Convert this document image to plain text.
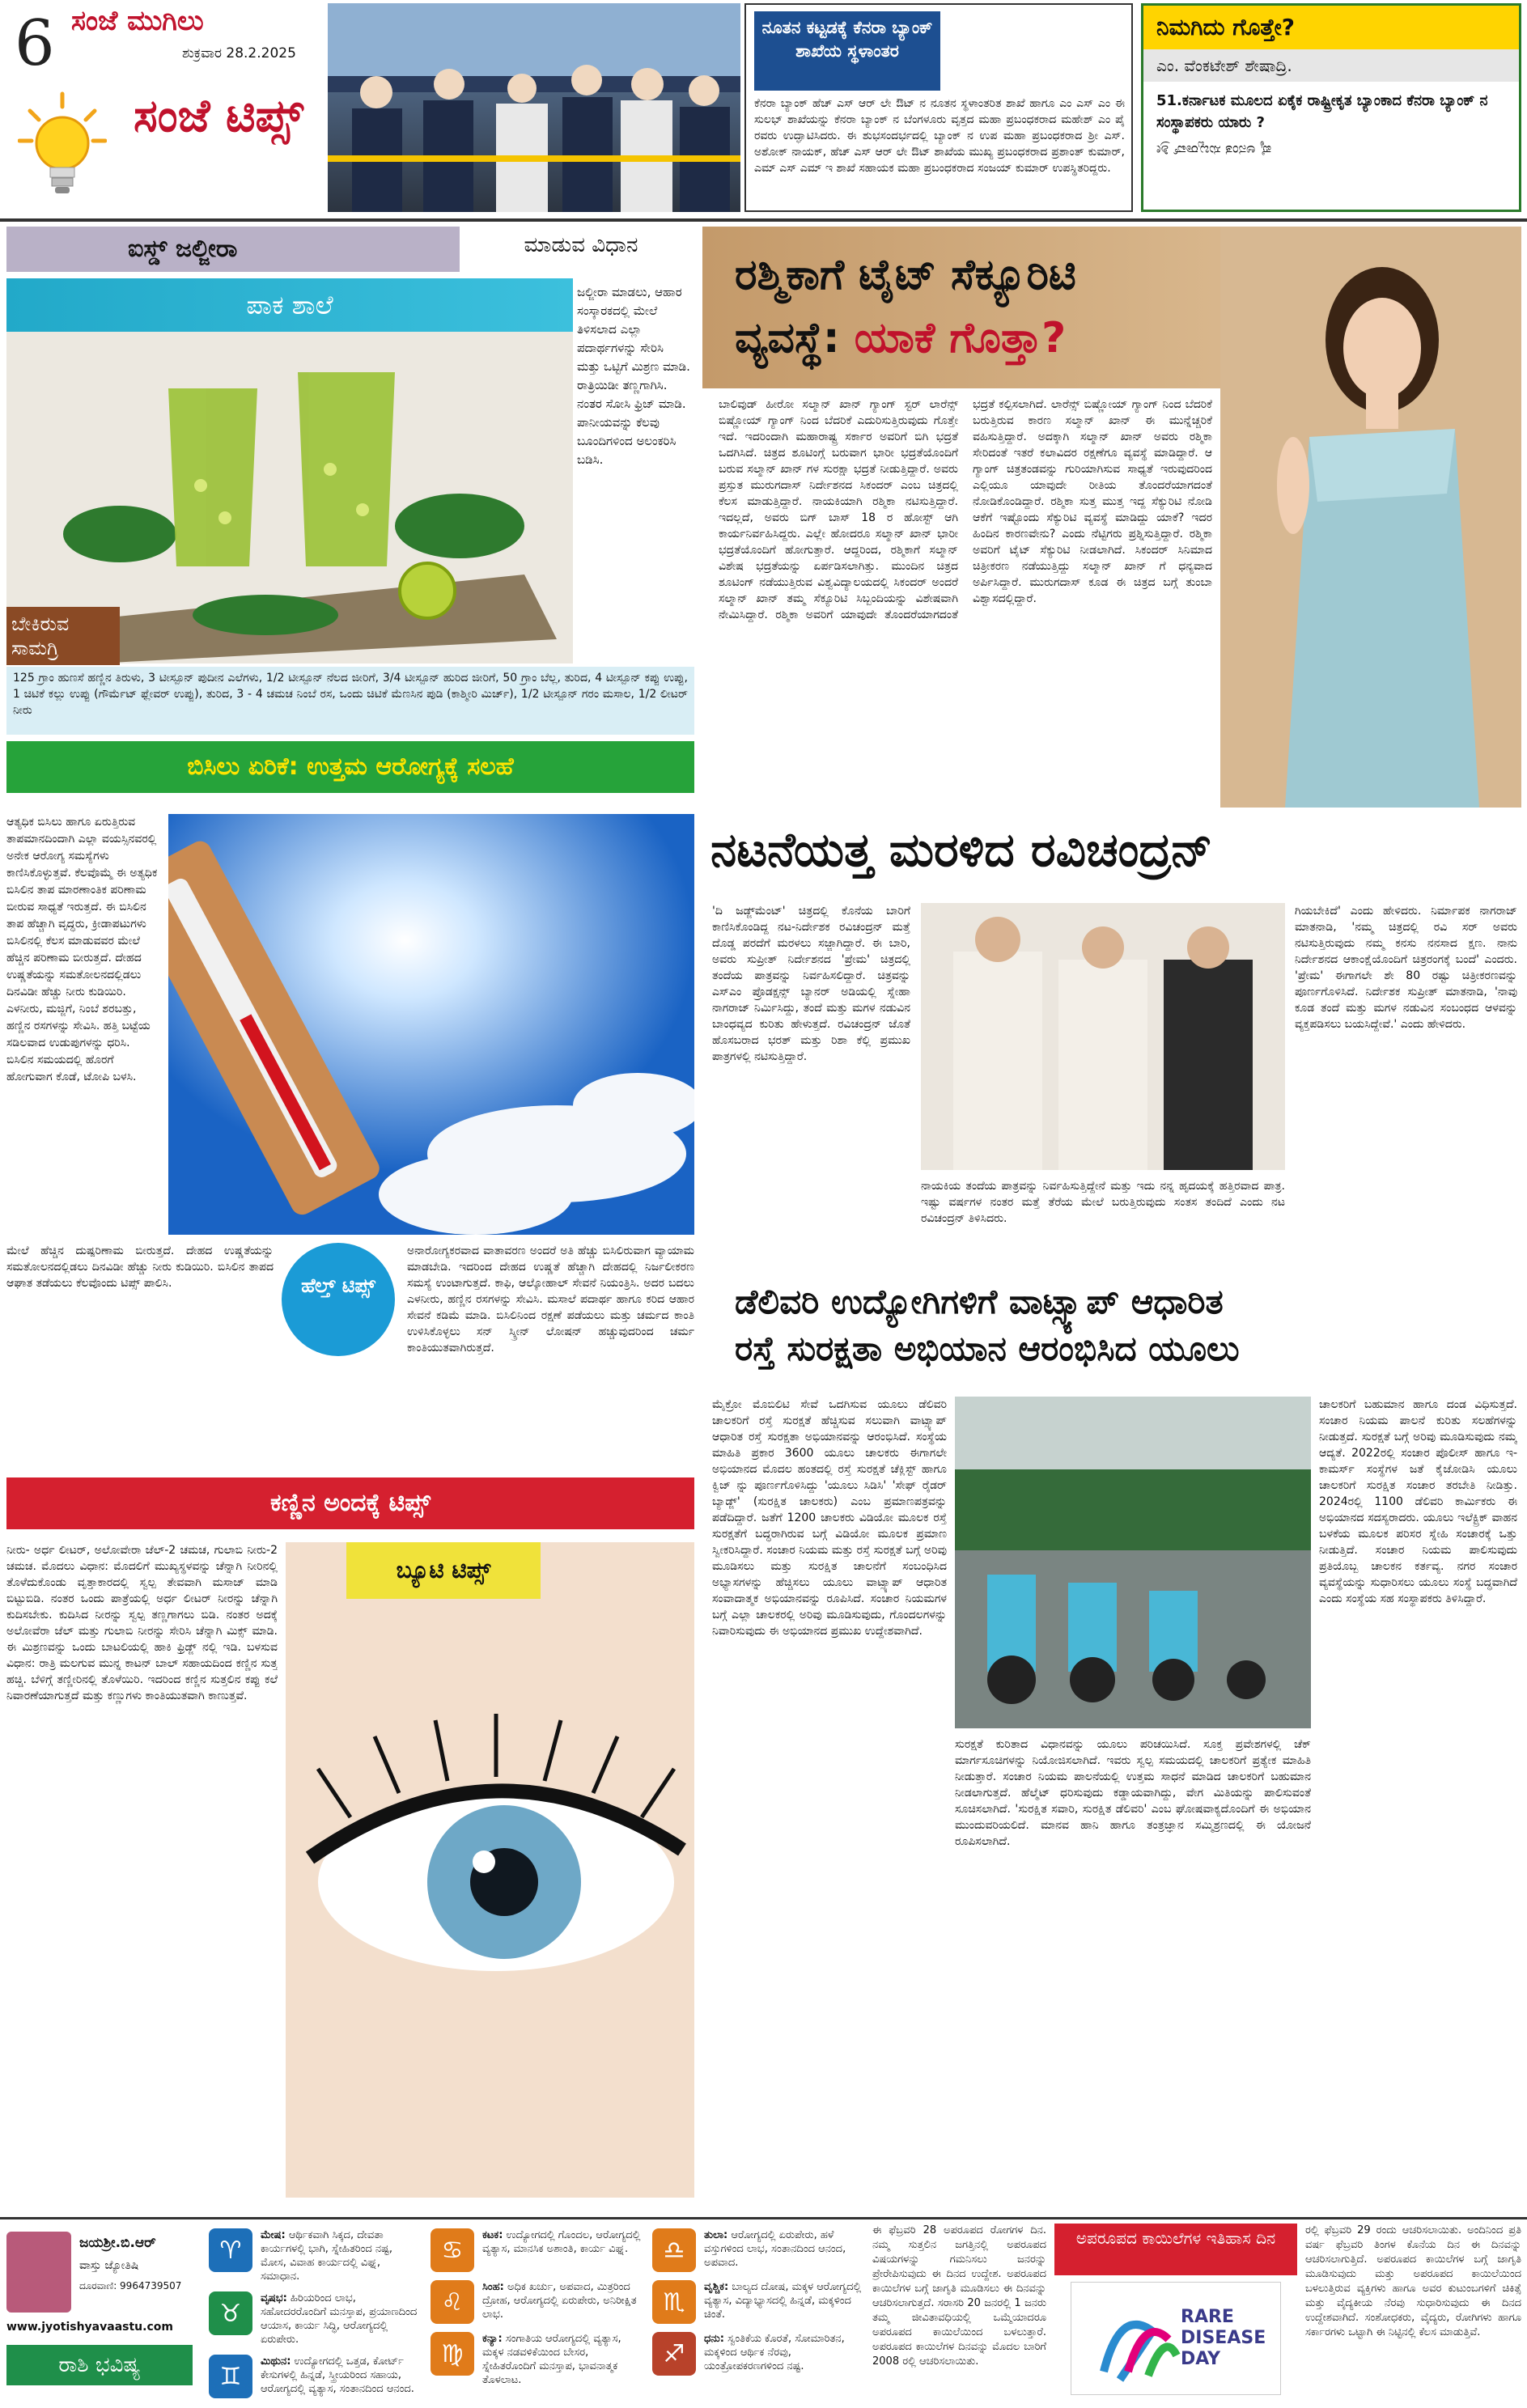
6 ಸಂಜೆ ಮುಗಿಲು
ಶುಕ್ರವಾರ 28.2.2025
ಸಂಜೆ ಟಿಪ್ಸ್
ನೂತನ ಕಟ್ಟಡಕ್ಕೆ ಕೆನರಾ ಬ್ಯಾಂಕ್ ಶಾಖೆಯ ಸ್ಥಳಾಂತರ
ಕೆನರಾ ಬ್ಯಾಂಕ್ ಹೆಚ್ ಎಸ್ ಆರ್ ಲೇ ಔಟ್ ನ ನೂತನ ಸ್ಥಳಾಂತರಿತ ಶಾಖೆ ಹಾಗೂ ಎಂ ಎಸ್ ಎಂ ಈ ಸುಲಭ್ ಶಾಖೆಯನ್ನು ಕೆನರಾ ಬ್ಯಾಂಕ್ ನ ಬೆಂಗಳೂರು ವೃತ್ತದ ಮಹಾ ಪ್ರಬಂಧಕರಾದ ಮಹೇಶ್ ಎಂ ಪೈ ರವರು ಉದ್ಘಾಟಿಸಿದರು. ಈ ಶುಭಸಂದರ್ಭದಲ್ಲಿ ಬ್ಯಾಂಕ್ ನ ಉಪ ಮಹಾ ಪ್ರಬಂಧಕರಾದ ಶ್ರೀ ಎಸ್. ಅಶೋಕ್ ನಾಯಕ್, ಹೆಚ್ ಎಸ್ ಆರ್ ಲೇ ಔಟ್ ಶಾಖೆಯ ಮುಖ್ಯ ಪ್ರಬಂಧಕರಾದ ಪ್ರಶಾಂತ್ ಕುಮಾರ್, ಎಮ್ ಎಸ್ ಎಮ್ ಇ ಶಾಖೆ ಸಹಾಯಕ ಮಹಾ ಪ್ರಬಂಧಕರಾದ ಸಂಜಯ್ ಕುಮಾರ್ ಉಪಸ್ಥಿತರಿದ್ದರು.
ನಿಮಗಿದು ಗೊತ್ತೇ?
ಎಂ. ವೆಂಕಟೇಶ್ ಶೇಷಾದ್ರಿ.
51.ಕರ್ನಾಟಕ ಮೂಲದ ಏಕೈಕ ರಾಷ್ಟ್ರೀಕೃತ ಬ್ಯಾಂಕಾದ ಕೆನರಾ ಬ್ಯಾಂಕ್ ನ ಸಂಸ್ಥಾಪಕರು ಯಾರು ?
ಪೈ ಅನಂತ ಸುಬ್ಬರಾವ್ ಶ್ರೀ
ಐಸ್ಡ್ ಜಲ್ಜೀರಾ	ಮಾಡುವ ವಿಧಾನ
ಪಾಕ ಶಾಲೆ
ಬೇಕಿರುವ ಸಾಮಗ್ರಿ
ಜಲ್ಜೀರಾ ಮಾಡಲು, ಆಹಾರ ಸಂಸ್ಕಾರಕದಲ್ಲಿ ಮೇಲೆ ತಿಳಿಸಲಾದ ಎಲ್ಲಾ ಪದಾರ್ಥಗಳನ್ನು ಸೇರಿಸಿ ಮತ್ತು ಒಟ್ಟಿಗೆ ಮಿಶ್ರಣ ಮಾಡಿ. ರಾತ್ರಿಯಿಡೀ ತಣ್ಣಗಾಗಿಸಿ. ನಂತರ ಸೋಸಿ ಫ್ರಿಜ್ ಮಾಡಿ. ಪಾನೀಯವನ್ನು ಕೆಲವು ಬೂಂದಿಗಳಿಂದ ಅಲಂಕರಿಸಿ ಬಡಿಸಿ.
125 ಗ್ರಾಂ ಹುಣಸೆ ಹಣ್ಣಿನ ತಿರುಳು, 3 ಟೀಸ್ಪೂನ್ ಪುದೀನ ಎಲೆಗಳು, 1/2 ಟೀಸ್ಪೂನ್ ನೆಲದ ಜೀರಿಗೆ, 3/4 ಟೀಸ್ಪೂನ್ ಹುರಿದ ಜೀರಿಗೆ, 50 ಗ್ರಾಂ ಬೆಲ್ಲ, ತುರಿದ, 4 ಟೀಸ್ಪೂನ್ ಕಪ್ಪು ಉಪ್ಪು, 1 ಚಿಟಿಕೆ ಕಲ್ಲು ಉಪ್ಪು (ಗೌರ್ಮೆಟ್ ಫ್ಲೇವರ್ ಉಪ್ಪು), ತುರಿದ, 3 - 4 ಚಮಚ ನಿಂಬೆ ರಸ, ಒಂದು ಚಿಟಿಕೆ ಮೆಣಸಿನ ಪುಡಿ (ಕಾಶ್ಮೀರಿ ಮಿರ್ಚ್), 1/2 ಟೀಸ್ಪೂನ್ ಗರಂ ಮಸಾಲ, 1/2 ಲೀಟರ್ ನೀರು
ರಶ್ಮಿಕಾಗೆ ಟೈಟ್ ಸೆಕ್ಯೂರಿಟಿ
ವ್ಯವಸ್ಥೆ: ಯಾಕೆ ಗೊತ್ತಾ?
ಬಾಲಿವುಡ್ ಹೀರೋ ಸಲ್ಮಾನ್ ಖಾನ್ ಗ್ಯಾಂಗ್ ಸ್ಟರ್ ಲಾರೆನ್ಸ್ ಬಿಷ್ಣೋಯ್ ಗ್ಯಾಂಗ್ ನಿಂದ ಬೆದರಿಕೆ ಎದುರಿಸುತ್ತಿರುವುದು ಗೊತ್ತೇ ಇದೆ. ಇದರಿಂದಾಗಿ ಮಹಾರಾಷ್ಟ್ರ ಸರ್ಕಾರ ಅವರಿಗೆ ಬಿಗಿ ಭದ್ರತೆ ಒದಗಿಸಿದೆ. ಚಿತ್ರದ ಶೂಟಿಂಗ್ಗೆ ಬರುವಾಗ ಭಾರೀ ಭದ್ರತೆಯೊಂದಿಗೆ ಬರುವ ಸಲ್ಮಾನ್ ಖಾನ್ ಗಳ ಸುರಕ್ಷಾ ಭದ್ರತೆ ನೀಡುತ್ತಿದ್ದಾರೆ. ಅವರು ಪ್ರಸ್ತುತ ಮುರುಗದಾಸ್ ನಿರ್ದೇಶನದ ಸಿಕಂದರ್ ಎಂಬ ಚಿತ್ರದಲ್ಲಿ ಕೆಲಸ ಮಾಡುತ್ತಿದ್ದಾರೆ. ನಾಯಕಿಯಾಗಿ ರಶ್ಮಿಕಾ ನಟಿಸುತ್ತಿದ್ದಾರೆ. ಇದಲ್ಲದೆ, ಅವರು ಬಿಗ್ ಬಾಸ್ 18 ರ ಹೋಸ್ಟ್ ಆಗಿ ಕಾರ್ಯನಿರ್ವಹಿಸಿದ್ದರು. ಎಲ್ಲೇ ಹೋದರೂ ಸಲ್ಮಾನ್ ಖಾನ್ ಭಾರೀ ಭದ್ರತೆಯೊಂದಿಗೆ ಹೋಗುತ್ತಾರೆ. ಆದ್ದರಿಂದ, ರಶ್ಮಿಕಾಗೆ ಸಲ್ಮಾನ್ ವಿಶೇಷ ಭದ್ರತೆಯನ್ನು ಏರ್ಪಡಿಸಲಾಗಿತ್ತು. ಮುಂದಿನ ಚಿತ್ರದ ಶೂಟಿಂಗ್ ನಡೆಯುತ್ತಿರುವ ವಿಶ್ವವಿದ್ಯಾಲಯದಲ್ಲಿ ಸಿಕಂದರ್ ಅಂದರೆ ಸಲ್ಮಾನ್ ಖಾನ್ ತಮ್ಮ ಸೆಕ್ಯೂರಿಟಿ ಸಿಬ್ಬಂದಿಯನ್ನು ವಿಶೇಷವಾಗಿ ನೇಮಿಸಿದ್ದಾರೆ. ರಶ್ಮಿಕಾ ಅವರಿಗೆ ಯಾವುದೇ ತೊಂದರೆಯಾಗದಂತೆ ಭದ್ರತೆ ಕಲ್ಪಿಸಲಾಗಿದೆ. ಲಾರೆನ್ಸ್ ಬಿಷ್ಣೋಯ್ ಗ್ಯಾಂಗ್ ನಿಂದ ಬೆದರಿಕೆ ಬರುತ್ತಿರುವ ಕಾರಣ ಸಲ್ಮಾನ್ ಖಾನ್ ಈ ಮುನ್ನೆಚ್ಚರಿಕೆ ವಹಿಸುತ್ತಿದ್ದಾರೆ. ಅದಕ್ಕಾಗಿ ಸಲ್ಮಾನ್ ಖಾನ್ ಅವರು ರಶ್ಮಿಕಾ ಸೇರಿದಂತೆ ಇತರೆ ಕಲಾವಿದರ ರಕ್ಷಣೆಗೂ ವ್ಯವಸ್ಥೆ ಮಾಡಿದ್ದಾರೆ. ಆ ಗ್ಯಾಂಗ್ ಚಿತ್ರತಂಡವನ್ನು ಗುರಿಯಾಗಿಸುವ ಸಾಧ್ಯತೆ ಇರುವುದರಿಂದ ಎಲ್ಲಿಯೂ ಯಾವುದೇ ರೀತಿಯ ತೊಂದರೆಯಾಗದಂತೆ ನೋಡಿಕೊಂಡಿದ್ದಾರೆ. ರಶ್ಮಿಕಾ ಸುತ್ತ ಮುತ್ತ ಇದ್ದ ಸೆಕ್ಯುರಿಟಿ ನೋಡಿ ಆಕೆಗೆ ಇಷ್ಟೊಂದು ಸೆಕ್ಯುರಿಟಿ ವ್ಯವಸ್ಥೆ ಮಾಡಿದ್ದು ಯಾಕೆ? ಇದರ ಹಿಂದಿನ ಕಾರಣವೇನು? ಎಂದು ನೆಟ್ಟಿಗರು ಪ್ರಶ್ನಿಸುತ್ತಿದ್ದಾರೆ. ರಶ್ಮಿಕಾ ಅವರಿಗೆ ಟೈಟ್ ಸೆಕ್ಯುರಿಟಿ ನೀಡಲಾಗಿದೆ. ಸಿಕಂದರ್ ಸಿನಿಮಾದ ಚಿತ್ರೀಕರಣ ನಡೆಯುತ್ತಿದ್ದು ಸಲ್ಮಾನ್ ಖಾನ್ ಗೆ ಧನ್ಯವಾದ ಅರ್ಪಿಸಿದ್ದಾರೆ. ಮುರುಗದಾಸ್ ಕೂಡ ಈ ಚಿತ್ರದ ಬಗ್ಗೆ ತುಂಬಾ ವಿಶ್ವಾಸದಲ್ಲಿದ್ದಾರೆ.
ಬಿಸಿಲು ಏರಿಕೆ: ಉತ್ತಮ ಆರೋಗ್ಯಕ್ಕೆ ಸಲಹೆ
ಆತ್ಯಧಿಕ ಬಿಸಿಲು ಹಾಗೂ ಏರುತ್ತಿರುವ ತಾಪಮಾನದಿಂದಾಗಿ ಎಲ್ಲಾ ವಯಸ್ಸಿನವರಲ್ಲಿ ಅನೇಕ ಆರೋಗ್ಯ ಸಮಸ್ಯೆಗಳು ಕಾಣಿಸಿಕೊಳ್ಳುತ್ತವೆ. ಕೆಲವೊಮ್ಮೆ ಈ ಅತ್ಯಧಿಕ ಬಿಸಿಲಿನ ತಾಪ ಮಾರಣಾಂತಿಕ ಪರಿಣಾಮ ಬೀರುವ ಸಾಧ್ಯತೆ ಇರುತ್ತದೆ. ಈ ಬಿಸಿಲಿನ ತಾಪ ಹೆಚ್ಚಾಗಿ ವೃದ್ಧರು, ಕ್ರೀಡಾಪಟುಗಳು ಬಿಸಿಲಿನಲ್ಲಿ ಕೆಲಸ ಮಾಡುವವರ ಮೇಲೆ ಹೆಚ್ಚಿನ ಪರಿಣಾಮ ಬೀರುತ್ತದೆ. ದೇಹದ ಉಷ್ಣತೆಯನ್ನು ಸಮತೋಲನದಲ್ಲಿಡಲು ದಿನವಿಡೀ ಹೆಚ್ಚು ನೀರು ಕುಡಿಯಿರಿ. ಎಳನೀರು, ಮಜ್ಜಿಗೆ, ನಿಂಬೆ ಶರಬತ್ತು, ಹಣ್ಣಿನ ರಸಗಳನ್ನು ಸೇವಿಸಿ. ಹತ್ತಿ ಬಟ್ಟೆಯ ಸಡಿಲವಾದ ಉಡುಪುಗಳನ್ನು ಧರಿಸಿ. ಬಿಸಿಲಿನ ಸಮಯದಲ್ಲಿ ಹೊರಗೆ ಹೋಗುವಾಗ ಕೊಡೆ, ಟೋಪಿ ಬಳಸಿ.
ಹೆಲ್ತ್ ಟಿಪ್ಸ್
ಮೇಲೆ ಹೆಚ್ಚಿನ ದುಷ್ಪರಿಣಾಮ ಬೀರುತ್ತದೆ. ದೇಹದ ಉಷ್ಣತೆಯನ್ನು ಸಮತೋಲನದಲ್ಲಿಡಲು ದಿನವಿಡೀ ಹೆಚ್ಚು ನೀರು ಕುಡಿಯಿರಿ. ಬಿಸಿಲಿನ ತಾಪದ ಆಘಾತ ತಡೆಯಲು ಕೆಲವೊಂದು ಟಿಪ್ಸ್ ಪಾಲಿಸಿ.
ಅನಾರೋಗ್ಯಕರವಾದ ವಾತಾವರಣ ಅಂದರೆ ಅತಿ ಹೆಚ್ಚು ಬಿಸಿಲಿರುವಾಗ ವ್ಯಾಯಾಮ ಮಾಡಬೇಡಿ. ಇದರಿಂದ ದೇಹದ ಉಷ್ಣತೆ ಹೆಚ್ಚಾಗಿ ದೇಹದಲ್ಲಿ ನಿರ್ಜಲೀಕರಣ ಸಮಸ್ಯೆ ಉಂಟಾಗುತ್ತದೆ. ಕಾಫಿ, ಆಲ್ಕೋಹಾಲ್ ಸೇವನೆ ನಿಯಂತ್ರಿಸಿ. ಅದರ ಬದಲು ಎಳನೀರು, ಹಣ್ಣಿನ ರಸಗಳನ್ನು ಸೇವಿಸಿ. ಮಸಾಲೆ ಪದಾರ್ಥ ಹಾಗೂ ಕರಿದ ಆಹಾರ ಸೇವನೆ ಕಡಿಮೆ ಮಾಡಿ. ಬಿಸಿಲಿನಿಂದ ರಕ್ಷಣೆ ಪಡೆಯಲು ಮತ್ತು ಚರ್ಮದ ಕಾಂತಿ ಉಳಿಸಿಕೊಳ್ಳಲು ಸನ್ ಸ್ಕ್ರೀನ್ ಲೋಷನ್ ಹಚ್ಚುವುದರಿಂದ ಚರ್ಮ ಕಾಂತಿಯುತವಾಗಿರುತ್ತದೆ.
ನಟನೆಯತ್ತ ಮರಳಿದ ರವಿಚಂದ್ರನ್
'ದಿ ಜಡ್ಜ್‌ಮೆಂಟ್' ಚಿತ್ರದಲ್ಲಿ ಕೊನೆಯ ಬಾರಿಗೆ ಕಾಣಿಸಿಕೊಂಡಿದ್ದ ನಟ-ನಿರ್ದೇಶಕ ರವಿಚಂದ್ರನ್ ಮತ್ತೆ ದೊಡ್ಡ ಪರದೆಗೆ ಮರಳಲು ಸಜ್ಜಾಗಿದ್ದಾರೆ. ಈ ಬಾರಿ, ಅವರು ಸುಪ್ರೀತ್ ನಿರ್ದೇಶನದ 'ಪ್ರೇಮ' ಚಿತ್ರದಲ್ಲಿ ತಂದೆಯ ಪಾತ್ರವನ್ನು ನಿರ್ವಹಿಸಲಿದ್ದಾರೆ. ಚಿತ್ರವನ್ನು ಎಸ್‌ಎಂ ಪ್ರೊಡಕ್ಷನ್ಸ್ ಬ್ಯಾನರ್ ಅಡಿಯಲ್ಲಿ ಸ್ನೇಹಾ ನಾಗರಾಜ್ ನಿರ್ಮಿಸಿದ್ದು, ತಂದೆ ಮತ್ತು ಮಗಳ ನಡುವಿನ ಬಾಂಧವ್ಯದ ಕುರಿತು ಹೇಳುತ್ತದೆ. ರವಿಚಂದ್ರನ್ ಜೊತೆ ಹೊಸಬರಾದ ಭರತ್ ಮತ್ತು ರಿಶಾ ಕೆಲ್ಲಿ ಪ್ರಮುಖ ಪಾತ್ರಗಳಲ್ಲಿ ನಟಿಸುತ್ತಿದ್ದಾರೆ.
ನಾಯಕಿಯ ತಂದೆಯ ಪಾತ್ರವನ್ನು ನಿರ್ವಹಿಸುತ್ತಿದ್ದೇನೆ ಮತ್ತು ಇದು ನನ್ನ ಹೃದಯಕ್ಕೆ ಹತ್ತಿರವಾದ ಪಾತ್ರ. ಇಷ್ಟು ವರ್ಷಗಳ ನಂತರ ಮತ್ತೆ ತೆರೆಯ ಮೇಲೆ ಬರುತ್ತಿರುವುದು ಸಂತಸ ತಂದಿದೆ ಎಂದು ನಟ ರವಿಚಂದ್ರನ್ ತಿಳಿಸಿದರು.
ಗಿಯಬೇಕಿದೆ' ಎಂದು ಹೇಳಿದರು. ನಿರ್ಮಾಪಕ ನಾಗರಾಜ್ ಮಾತನಾಡಿ, 'ನಮ್ಮ ಚಿತ್ರದಲ್ಲಿ ರವಿ ಸರ್ ಅವರು ನಟಿಸುತ್ತಿರುವುದು ನಮ್ಮ ಕನಸು ನನಸಾದ ಕ್ಷಣ. ನಾನು ನಿರ್ದೇಶನದ ಆಕಾಂಕ್ಷೆಯೊಂದಿಗೆ ಚಿತ್ರರಂಗಕ್ಕೆ ಬಂದೆ' ಎಂದರು. 'ಪ್ರೇಮ' ಈಗಾಗಲೇ ಶೇ 80 ರಷ್ಟು ಚಿತ್ರೀಕರಣವನ್ನು ಪೂರ್ಣಗೊಳಿಸಿದೆ. ನಿರ್ದೇಶಕ ಸುಪ್ರೀತ್ ಮಾತನಾಡಿ, 'ನಾವು ಕೂಡ ತಂದೆ ಮತ್ತು ಮಗಳ ನಡುವಿನ ಸಂಬಂಧದ ಆಳವನ್ನು ವ್ಯಕ್ತಪಡಿಸಲು ಬಯಸಿದ್ದೇವೆ.' ಎಂದು ಹೇಳಿದರು.
ಡೆಲಿವರಿ ಉದ್ಯೋಗಿಗಳಿಗೆ ವಾಟ್ಸ್ಯಾಪ್ ಆಧಾರಿತ
ರಸ್ತೆ ಸುರಕ್ಷತಾ ಅಭಿಯಾನ ಆರಂಭಿಸಿದ ಯೂಲು
ಮೈಕ್ರೋ ಮೊಬಿಲಿಟಿ ಸೇವೆ ಒದಗಿಸುವ ಯೂಲು ಡೆಲಿವರಿ ಚಾಲಕರಿಗೆ ರಸ್ತೆ ಸುರಕ್ಷತೆ ಹೆಚ್ಚಿಸುವ ಸಲುವಾಗಿ ವಾಟ್ಸ್ಯಾಪ್ ಆಧಾರಿತ ರಸ್ತೆ ಸುರಕ್ಷತಾ ಅಭಿಯಾನವನ್ನು ಆರಂಭಿಸಿದೆ. ಸಂಸ್ಥೆಯ ಮಾಹಿತಿ ಪ್ರಕಾರ 3600 ಯೂಲು ಚಾಲಕರು ಈಗಾಗಲೇ ಅಭಿಯಾನದ ಮೊದಲ ಹಂತದಲ್ಲಿ ರಸ್ತೆ ಸುರಕ್ಷತೆ ಚೆಕ್ಲಿಸ್ಟ್ ಹಾಗೂ ಕ್ವಿಜ್ ನ್ನು ಪೂರ್ಣಗೊಳಿಸಿದ್ದು 'ಯೂಲು ಸಿಡಿಸಿ' 'ಸೇಫ್ ರೈಡರ್ ಬ್ಯಾಡ್ಜ್' (ಸುರಕ್ಷಿತ ಚಾಲಕರು) ಎಂಬ ಪ್ರಮಾಣಪತ್ರವನ್ನು ಪಡೆದಿದ್ದಾರೆ. ಜತೆಗೆ 1200 ಚಾಲಕರು ವಿಡಿಯೋ ಮೂಲಕ ರಸ್ತೆ ಸುರಕ್ಷತೆಗೆ ಬದ್ಧರಾಗಿರುವ ಬಗ್ಗೆ ವಿಡಿಯೋ ಮೂಲಕ ಪ್ರಮಾಣ ಸ್ವೀಕರಿಸಿದ್ದಾರೆ. ಸಂಚಾರ ನಿಯಮ ಮತ್ತು ರಸ್ತೆ ಸುರಕ್ಷತೆ ಬಗ್ಗೆ ಅರಿವು ಮೂಡಿಸಲು ಮತ್ತು ಸುರಕ್ಷಿತ ಚಾಲನೆಗೆ ಸಂಬಂಧಿಸಿದ ಅಭ್ಯಾಸಗಳನ್ನು ಹೆಚ್ಚಿಸಲು ಯೂಲು ವಾಟ್ಸ್ಯಾಪ್ ಆಧಾರಿತ ಸಂವಾದಾತ್ಮಕ ಅಭಿಯಾನವನ್ನು ರೂಪಿಸಿದೆ. ಸಂಚಾರ ನಿಯಮಗಳ ಬಗ್ಗೆ ಎಲ್ಲಾ ಚಾಲಕರಲ್ಲಿ ಅರಿವು ಮೂಡಿಸುವುದು, ಗೊಂದಲಗಳನ್ನು ನಿವಾರಿಸುವುದು ಈ ಅಭಿಯಾನದ ಪ್ರಮುಖ ಉದ್ದೇಶವಾಗಿದೆ.
ಸುರಕ್ಷತೆ ಕುರಿತಾದ ವಿಧಾನವನ್ನು ಯೂಲು ಪರಿಚಯಿಸಿದೆ. ಸೂಕ್ತ ಪ್ರವೇಶಗಳಲ್ಲಿ ಚೆಕ್ ಮಾರ್ಗಸೂಚಿಗಳನ್ನು ನಿಯೋಜಿಸಲಾಗಿದೆ. ಇವರು ಸ್ವಲ್ಪ ಸಮಯದಲ್ಲಿ ಚಾಲಕರಿಗೆ ಪ್ರತ್ಯೇಕ ಮಾಹಿತಿ ನೀಡುತ್ತಾರೆ. ಸಂಚಾರ ನಿಯಮ ಪಾಲನೆಯಲ್ಲಿ ಉತ್ತಮ ಸಾಧನೆ ಮಾಡಿದ ಚಾಲಕರಿಗೆ ಬಹುಮಾನ ನೀಡಲಾಗುತ್ತದೆ. ಹೆಲ್ಮೆಟ್ ಧರಿಸುವುದು ಕಡ್ಡಾಯವಾಗಿದ್ದು, ವೇಗ ಮಿತಿಯನ್ನು ಪಾಲಿಸುವಂತೆ ಸೂಚಿಸಲಾಗಿದೆ. 'ಸುರಕ್ಷಿತ ಸವಾರಿ, ಸುರಕ್ಷಿತ ಡೆಲಿವರಿ' ಎಂಬ ಘೋಷವಾಕ್ಯದೊಂದಿಗೆ ಈ ಅಭಿಯಾನ ಮುಂದುವರಿಯಲಿದೆ. ಮಾನವ ಹಾನಿ ಹಾಗೂ ತಂತ್ರಜ್ಞಾನ ಸಮ್ಮಿಶ್ರಣದಲ್ಲಿ ಈ ಯೋಜನೆ ರೂಪಿಸಲಾಗಿದೆ.
ಚಾಲಕರಿಗೆ ಬಹುಮಾನ ಹಾಗೂ ದಂಡ ವಿಧಿಸುತ್ತದೆ. ಸಂಚಾರ ನಿಯಮ ಪಾಲನೆ ಕುರಿತು ಸಲಹೆಗಳನ್ನು ನೀಡುತ್ತದೆ. ಸುರಕ್ಷತೆ ಬಗ್ಗೆ ಅರಿವು ಮೂಡಿಸುವುದು ನಮ್ಮ ಆದ್ಯತೆ. 2022ರಲ್ಲಿ ಸಂಚಾರ ಪೊಲೀಸ್ ಹಾಗೂ ಇ-ಕಾಮರ್ಸ್ ಸಂಸ್ಥೆಗಳ ಜತೆ ಕೈಜೋಡಿಸಿ ಯೂಲು ಚಾಲಕರಿಗೆ ಸುರಕ್ಷಿತ ಸಂಚಾರ ತರಬೇತಿ ನೀಡಿತ್ತು. 2024ರಲ್ಲಿ 1100 ಡೆಲಿವರಿ ಕಾರ್ಮಿಕರು ಈ ಅಭಿಯಾನದ ಸದಸ್ಯರಾದರು. ಯೂಲು ಇಲೆಕ್ಟ್ರಿಕ್ ವಾಹನ ಬಳಕೆಯ ಮೂಲಕ ಪರಿಸರ ಸ್ನೇಹಿ ಸಂಚಾರಕ್ಕೆ ಒತ್ತು ನೀಡುತ್ತಿದೆ. ಸಂಚಾರ ನಿಯಮ ಪಾಲಿಸುವುದು ಪ್ರತಿಯೊಬ್ಬ ಚಾಲಕನ ಕರ್ತವ್ಯ. ನಗರ ಸಂಚಾರ ವ್ಯವಸ್ಥೆಯನ್ನು ಸುಧಾರಿಸಲು ಯೂಲು ಸಂಸ್ಥೆ ಬದ್ಧವಾಗಿದೆ ಎಂದು ಸಂಸ್ಥೆಯ ಸಹ ಸಂಸ್ಥಾಪಕರು ತಿಳಿಸಿದ್ದಾರೆ.
ಕಣ್ಣಿನ ಅಂದಕ್ಕೆ ಟಿಪ್ಸ್
ನೀರು- ಅರ್ಧ ಲೀಟರ್, ಅಲೋವೇರಾ ಜೆಲ್-2 ಚಮಚ, ಗುಲಾಬಿ ನೀರು-2 ಚಮಚ. ಮೊದಲು ವಿಧಾನ: ಮೊದಲಿಗೆ ಮುಖ್ಯಸ್ಥಳವನ್ನು ಚೆನ್ನಾಗಿ ನೀರಿನಲ್ಲಿ ತೊಳೆದುಕೊಂಡು ವೃತ್ತಾಕಾರದಲ್ಲಿ ಸ್ವಲ್ಪ ತೇವವಾಗಿ ಮಸಾಜ್ ಮಾಡಿ ಬಿಟ್ಟುಬಿಡಿ. ನಂತರ ಒಂದು ಪಾತ್ರೆಯಲ್ಲಿ ಅರ್ಧ ಲೀಟರ್ ನೀರನ್ನು ಚೆನ್ನಾಗಿ ಕುದಿಸಬೇಕು. ಕುದಿಸಿದ ನೀರನ್ನು ಸ್ವಲ್ಪ ತಣ್ಣಗಾಗಲು ಬಿಡಿ. ನಂತರ ಅದಕ್ಕೆ ಅಲೋವೆರಾ ಜೆಲ್ ಮತ್ತು ಗುಲಾಬಿ ನೀರನ್ನು ಸೇರಿಸಿ ಚೆನ್ನಾಗಿ ಮಿಕ್ಸ್ ಮಾಡಿ. ಈ ಮಿಶ್ರಣವನ್ನು ಒಂದು ಬಾಟಲಿಯಲ್ಲಿ ಹಾಕಿ ಫ್ರಿಡ್ಜ್ ನಲ್ಲಿ ಇಡಿ. ಬಳಸುವ ವಿಧಾನ: ರಾತ್ರಿ ಮಲಗುವ ಮುನ್ನ ಕಾಟನ್ ಬಾಲ್ ಸಹಾಯದಿಂದ ಕಣ್ಣಿನ ಸುತ್ತ ಹಚ್ಚಿ. ಬೆಳಿಗ್ಗೆ ತಣ್ಣೀರಿನಲ್ಲಿ ತೊಳೆಯಿರಿ. ಇದರಿಂದ ಕಣ್ಣಿನ ಸುತ್ತಲಿನ ಕಪ್ಪು ಕಲೆ ನಿವಾರಣೆಯಾಗುತ್ತದೆ ಮತ್ತು ಕಣ್ಣುಗಳು ಕಾಂತಿಯುತವಾಗಿ ಕಾಣುತ್ತವೆ.
ಬ್ಯೂಟಿ ಟಿಪ್ಸ್
ಜಯಶ್ರೀ.ಬಿ.ಆರ್
ವಾಸ್ತು ಜ್ಯೋತಿಷಿ
ದೂರವಾಣಿ: 9964739507
www.jyotishyavaastu.com
ರಾಶಿ ಭವಿಷ್ಯ
♈
ಮೇಷ: ಆರ್ಥಿಕವಾಗಿ ಸಿಕ್ಕದ, ದೇವತಾ ಕಾರ್ಯಗಳಲ್ಲಿ ಭಾಗಿ, ಸ್ನೇಹಿತರಿಂದ ನಷ್ಟ, ಮೋಸ, ವಿವಾಹ ಕಾರ್ಯದಲ್ಲಿ ವಿಘ್ನ, ಸಮಾಧಾನ.
♉
ವೃಷಭ: ಹಿರಿಯರಿಂದ ಲಾಭ, ಸಹೋದರರೊಂದಿಗೆ ಮನಸ್ತಾಪ, ಪ್ರಯಾಣದಿಂದ ಆಯಾಸ, ಕಾರ್ಯ ಸಿದ್ಧಿ, ಆರೋಗ್ಯದಲ್ಲಿ ಏರುಪೇರು.
♊
ಮಿಥುನ: ಉದ್ಯೋಗದಲ್ಲಿ ಒತ್ತಡ, ಕೋರ್ಟ್ ಕೇಸುಗಳಲ್ಲಿ ಹಿನ್ನಡೆ, ಸ್ತ್ರೀಯರಿಂದ ಸಹಾಯ, ಆರೋಗ್ಯದಲ್ಲಿ ವ್ಯತ್ಯಾಸ, ಸಂತಾನದಿಂದ ಆನಂದ.
♋
ಕಟಕ: ಉದ್ಯೋಗದಲ್ಲಿ ಗೊಂದಲ, ಆರೋಗ್ಯದಲ್ಲಿ ವ್ಯತ್ಯಾಸ, ಮಾನಸಿಕ ಅಶಾಂತಿ, ಕಾರ್ಯ ವಿಘ್ನ.
♌
ಸಿಂಹ: ಅಧಿಕ ಖರ್ಚು, ಅಪವಾದ, ಮಿತ್ರರಿಂದ ದ್ರೋಹ, ಆರೋಗ್ಯದಲ್ಲಿ ಏರುಪೇರು, ಅನಿರೀಕ್ಷಿತ ಲಾಭ.
♍
ಕನ್ಯಾ: ಸಂಗಾತಿಯ ಆರೋಗ್ಯದಲ್ಲಿ ವ್ಯತ್ಯಾಸ, ಮಕ್ಕಳ ನಡವಳಿಕೆಯಿಂದ ಬೇಸರ, ಸ್ನೇಹಿತರೊಂದಿಗೆ ಮನಸ್ತಾಪ, ಭಾವನಾತ್ಮಕ ತೊಳಲಾಟ.
♎
ತುಲಾ: ಆರೋಗ್ಯದಲ್ಲಿ ಏರುಪೇರು, ಹಳೆ ವಸ್ತುಗಳಿಂದ ಲಾಭ, ಸಂತಾನದಿಂದ ಆನಂದ, ಅಪವಾದ.
♏
ವೃಶ್ಚಿಕ: ಬಾಲ್ಯದ ದೋಷ, ಮಕ್ಕಳ ಆರೋಗ್ಯದಲ್ಲಿ ವ್ಯತ್ಯಾಸ, ವಿದ್ಯಾಭ್ಯಾಸದಲ್ಲಿ ಹಿನ್ನಡೆ, ಮಕ್ಕಳಿಂದ ಚಿಂತೆ.
♐
ಧನು: ಸ್ವಂತಿಕೆಯ ಕೊರತೆ, ಸೋಮಾರಿತನ, ಮಕ್ಕಳಿಂದ ಆರ್ಥಿಕ ನೆರವು, ಯಂತ್ರೋಪಕರಣಗಳಿಂದ ನಷ್ಟ.
ಈ ಫೆಬ್ರವರಿ 28 ಅಪರೂಪದ ರೋಗಗಳ ದಿನ. ನಮ್ಮ ಸುತ್ತಲಿನ ಜಗತ್ತಿನಲ್ಲಿ ಅಪರೂಪದ ವಿಷಯಗಳನ್ನು ಗಮನಿಸಲು ಜನರನ್ನು ಪ್ರೇರೇಪಿಸುವುದು ಈ ದಿನದ ಉದ್ದೇಶ. ಅಪರೂಪದ ಕಾಯಿಲೆಗಳ ಬಗ್ಗೆ ಜಾಗೃತಿ ಮೂಡಿಸಲು ಈ ದಿನವನ್ನು ಆಚರಿಸಲಾಗುತ್ತದೆ. ಸರಾಸರಿ 20 ಜನರಲ್ಲಿ 1 ಜನರು ತಮ್ಮ ಜೀವಿತಾವಧಿಯಲ್ಲಿ ಒಮ್ಮೆಯಾದರೂ ಅಪರೂಪದ ಕಾಯಿಲೆಯಿಂದ ಬಳಲುತ್ತಾರೆ. ಅಪರೂಪದ ಕಾಯಿಲೆಗಳ ದಿನವನ್ನು ಮೊದಲ ಬಾರಿಗೆ 2008 ರಲ್ಲಿ ಆಚರಿಸಲಾಯಿತು.
ಅಪರೂಪದ ಕಾಯಿಲೆಗಳ ಇತಿಹಾಸ ದಿನ
RARE DISEASE DAY
ರಲ್ಲಿ ಫೆಬ್ರವರಿ 29 ರಂದು ಆಚರಿಸಲಾಯಿತು. ಅಂದಿನಿಂದ ಪ್ರತಿ ವರ್ಷ ಫೆಬ್ರವರಿ ತಿಂಗಳ ಕೊನೆಯ ದಿನ ಈ ದಿನವನ್ನು ಆಚರಿಸಲಾಗುತ್ತಿದೆ. ಅಪರೂಪದ ಕಾಯಿಲೆಗಳ ಬಗ್ಗೆ ಜಾಗೃತಿ ಮೂಡಿಸುವುದು ಮತ್ತು ಅಪರೂಪದ ಕಾಯಿಲೆಯಿಂದ ಬಳಲುತ್ತಿರುವ ವ್ಯಕ್ತಿಗಳು ಹಾಗೂ ಅವರ ಕುಟುಂಬಗಳಿಗೆ ಚಿಕಿತ್ಸೆ ಮತ್ತು ವೈದ್ಯಕೀಯ ನೆರವು ಸುಧಾರಿಸುವುದು ಈ ದಿನದ ಉದ್ದೇಶವಾಗಿದೆ. ಸಂಶೋಧಕರು, ವೈದ್ಯರು, ರೋಗಿಗಳು ಹಾಗೂ ಸರ್ಕಾರಗಳು ಒಟ್ಟಾಗಿ ಈ ನಿಟ್ಟಿನಲ್ಲಿ ಕೆಲಸ ಮಾಡುತ್ತಿವೆ.
